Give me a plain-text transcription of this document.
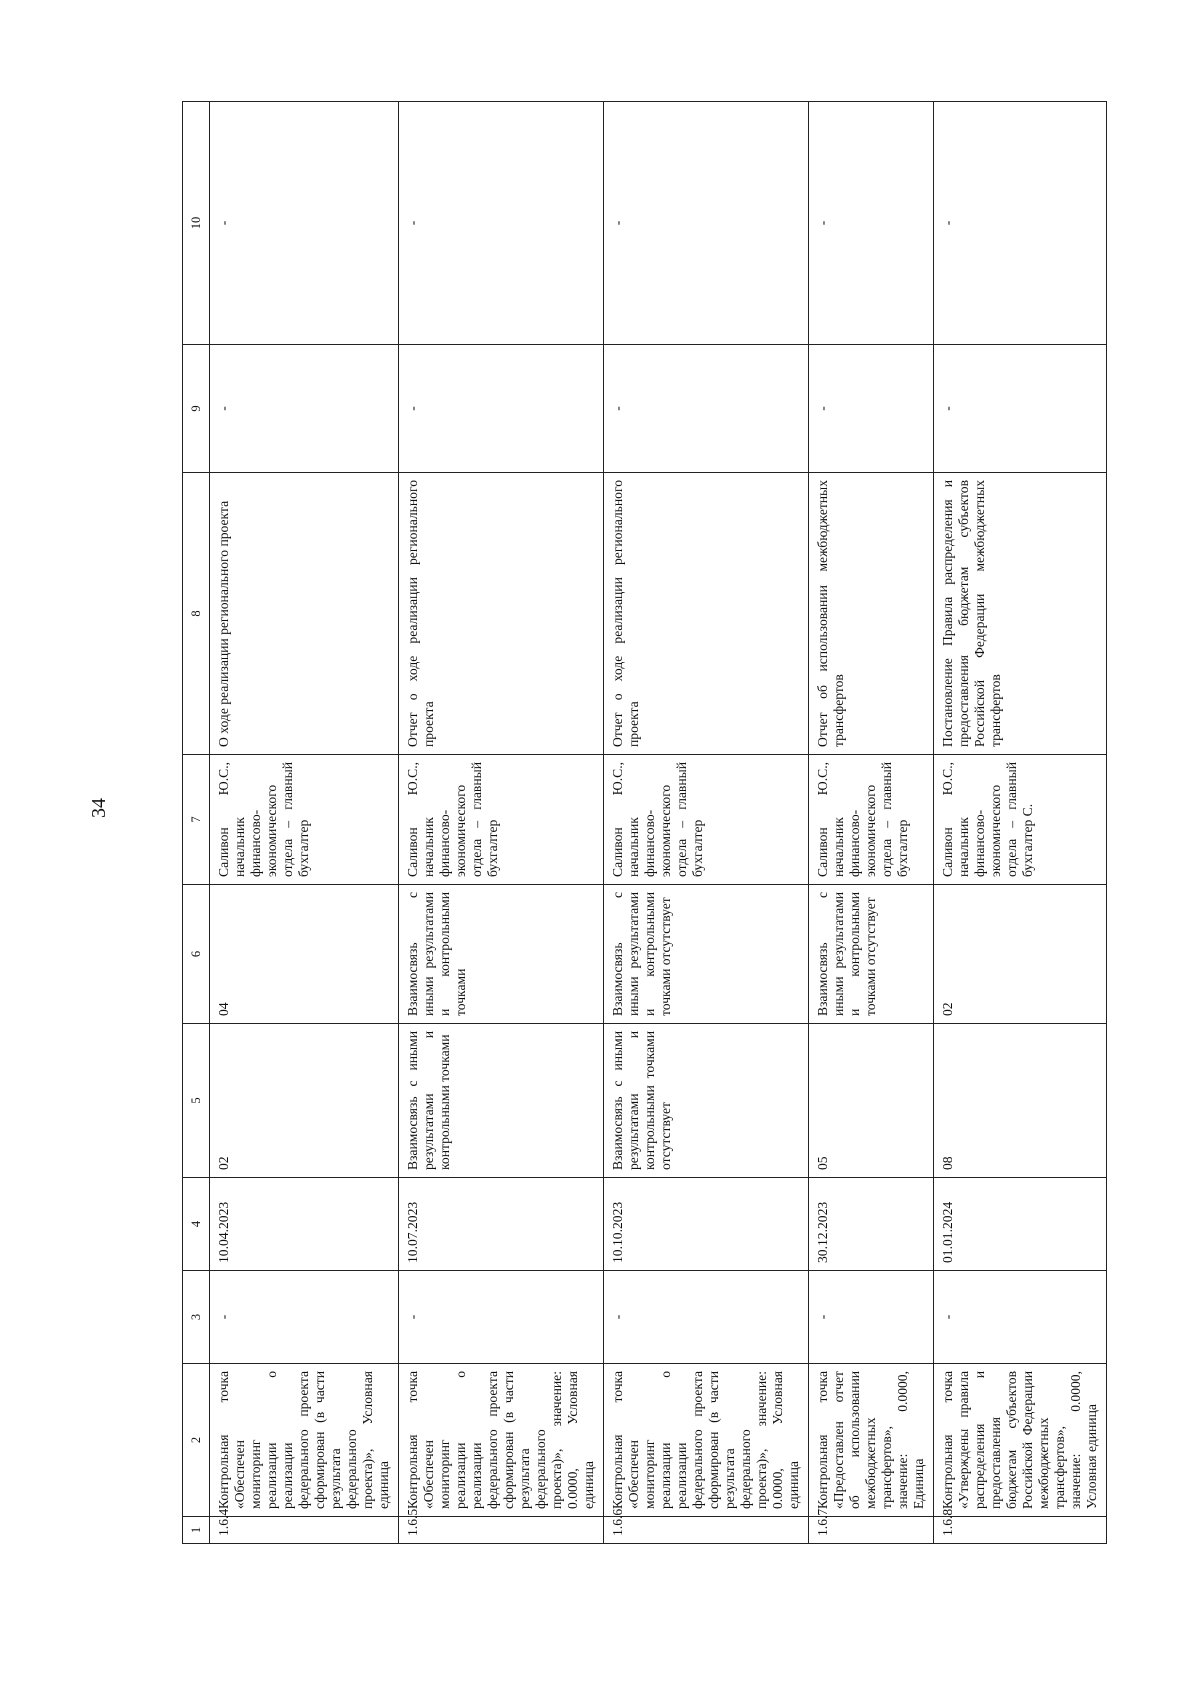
34
1	2	3	4	5	6	7	8	9	10
1.6.4	Контрольная точка «Обеспечен мониторинг реализации о реализации федерального проекта сформирован (в части результата федерального проекта)», Условная единица	-	10.04.2023	02	04	Саливон Ю.С., начальник финансово-экономического отдела – главный бухгалтер	О ходе реализации регионального проекта	-	-
1.6.5	Контрольная точка «Обеспечен мониторинг реализации о реализации федерального проекта сформирован (в части результата федерального проекта)», значение: 0.0000, Условная единица	-	10.07.2023	Взаимосвязь с иными результатами и контрольными точками	Взаимосвязь с иными результатами и контрольными точками	Саливон Ю.С., начальник финансово-экономического отдела – главный бухгалтер	Отчет о ходе реализации регионального проекта	-	-
1.6.6	Контрольная точка «Обеспечен мониторинг реализации о реализации федерального проекта сформирован (в части результата федерального проекта)», значение: 0.0000, Условная единица	-	10.10.2023	Взаимосвязь с иными результатами и контрольными точками отсутствует	Взаимосвязь с иными результатами и контрольными точками отсутствует	Саливон Ю.С., начальник финансово-экономического отдела – главный бухгалтер	Отчет о ходе реализации регионального проекта	-	-
1.6.7	Контрольная точка «Предоставлен отчет об использовании межбюджетных трансфертов», значение: 0.0000, Единица	-	30.12.2023	05	Взаимосвязь с иными результатами и контрольными точками отсутствует	Саливон Ю.С., начальник финансово-экономического отдела – главный бухгалтер	Отчет об использовании межбюджетных трансфертов	-	-
1.6.8	Контрольная точка «Утверждены правила распределения и предоставления бюджетам субъектов Российской Федерации межбюджетных трансфертов», значение: 0.0000, Условная единица	-	01.01.2024	08	02	Саливон Ю.С., начальник финансово-экономического отдела – главный бухгалтер С.	Постановление Правила распределения и предоставления бюджетам субъектов Российской Федерации межбюджетных трансфертов	-	-
